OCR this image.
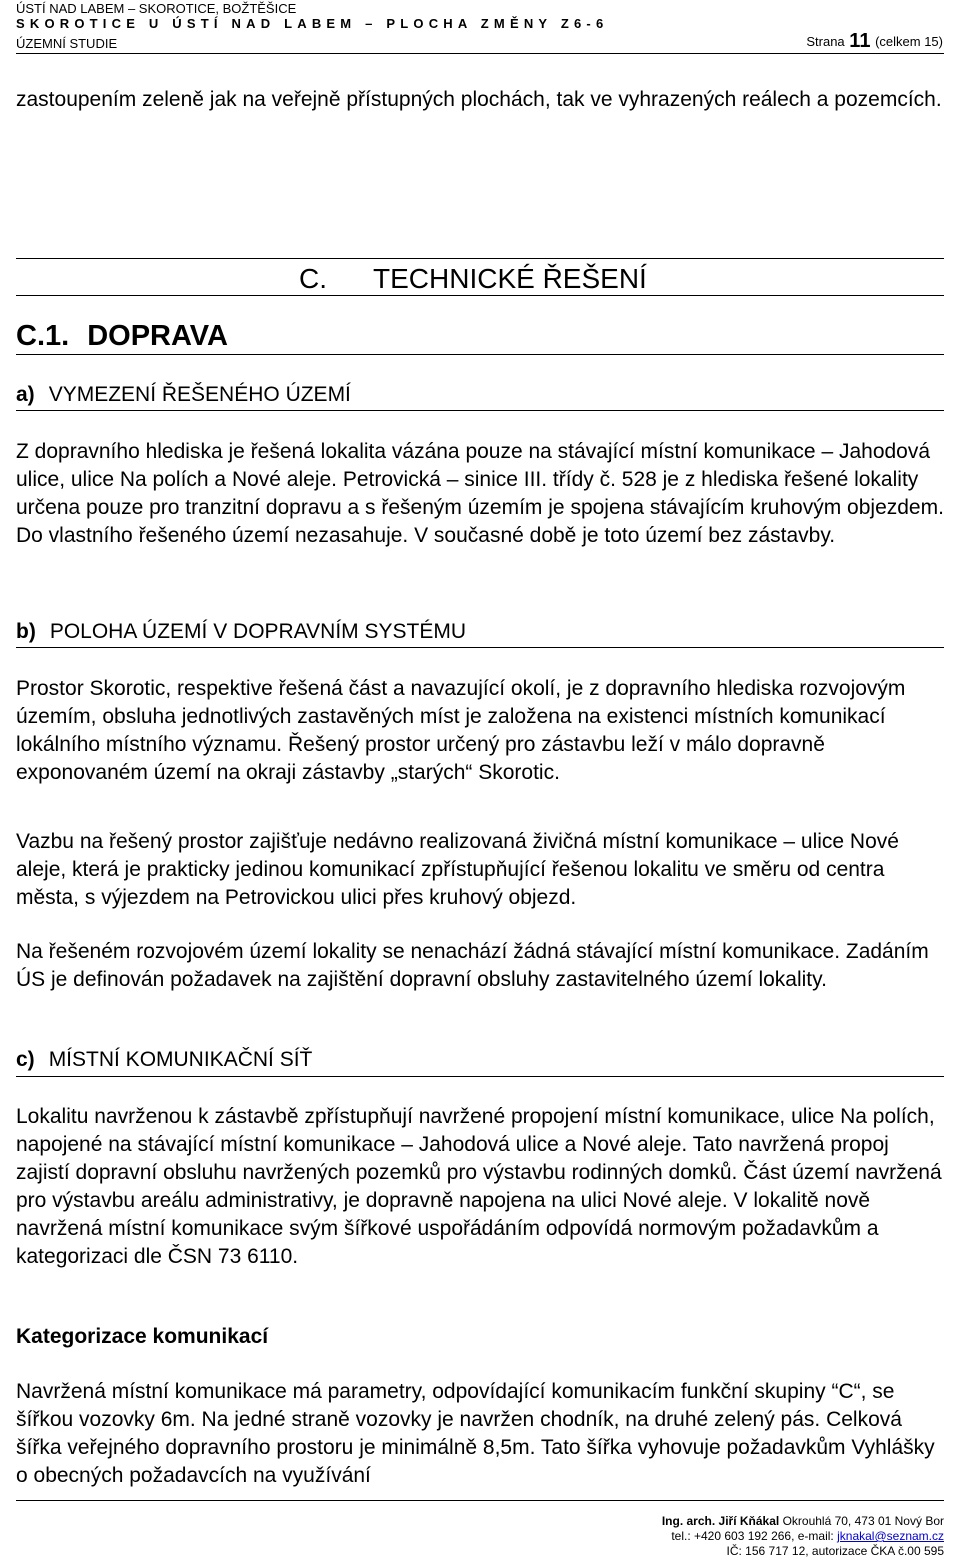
ÚSTÍ NAD LABEM – SKOROTICE, BOŽTĚŠICE
SKOROTICE U ÚSTÍ NAD LABEM – PLOCHA ZMĚNY Z6-6
ÚZEMNÍ STUDIE	Strana 11 (celkem 15)

zastoupením zeleně jak na veřejně přístupných plochách, tak ve vyhrazených reálech a pozemcích.

C. TECHNICKÉ ŘEŠENÍ
C.1. DOPRAVA
a) VYMEZENÍ ŘEŠENÉHO ÚZEMÍ

Z dopravního hlediska je řešená lokalita vázána pouze na stávající místní komunikace – Jahodová ulice, ulice Na polích a Nové aleje. Petrovická – sinice III. třídy č. 528 je z hlediska řešené lokality určena pouze pro tranzitní dopravu a s řešeným územím je spojena stávajícím kruhovým objezdem. Do vlastního řešeného území nezasahuje. V současné době je toto území bez zástavby.

b) POLOHA ÚZEMÍ V DOPRAVNÍM SYSTÉMU

Prostor Skorotic, respektive řešená část a navazující okolí, je z dopravního hlediska rozvojovým územím, obsluha jednotlivých zastavěných míst je založena na existenci místních komunikací lokálního místního významu. Řešený prostor určený pro zástavbu leží v málo dopravně exponovaném území na okraji zástavby „starých“ Skorotic.

Vazbu na řešený prostor zajišťuje nedávno realizovaná živičná místní komunikace – ulice Nové aleje, která je prakticky jedinou komunikací zpřístupňující řešenou lokalitu ve směru od centra města, s výjezdem na Petrovickou ulici přes kruhový objezd.

Na řešeném rozvojovém území lokality se nenachází žádná stávající místní komunikace. Zadáním ÚS je definován požadavek na zajištění dopravní obsluhy zastavitelného území lokality.

c) MÍSTNÍ KOMUNIKAČNÍ SÍŤ

Lokalitu navrženou k zástavbě zpřístupňují navržené propojení místní komunikace, ulice Na polích, napojené na stávající místní komunikace – Jahodová ulice a Nové aleje. Tato navržená propoj zajistí dopravní obsluhu navržených pozemků pro výstavbu rodinných domků. Část území navržená pro výstavbu areálu administrativy, je dopravně napojena na ulici Nové aleje. V lokalitě nově navržená místní komunikace svým šířkové uspořádáním odpovídá normovým požadavkům a kategorizaci dle ČSN 73 6110.

Kategorizace komunikací

Navržená místní komunikace má parametry, odpovídající komunikacím funkční skupiny “C“, se šířkou vozovky 6m. Na jedné straně vozovky je navržen chodník, na druhé zelený pás. Celková šířka veřejného dopravního prostoru je minimálně 8,5m. Tato šířka vyhovuje požadavkům Vyhlášky o obecných požadavcích na využívání

Ing. arch. Jiří Kňákal Okrouhlá 70, 473 01 Nový Bor
tel.: +420 603 192 266, e-mail: jknakal@seznam.cz
IČ: 156 717 12, autorizace ČKA č.00 595
